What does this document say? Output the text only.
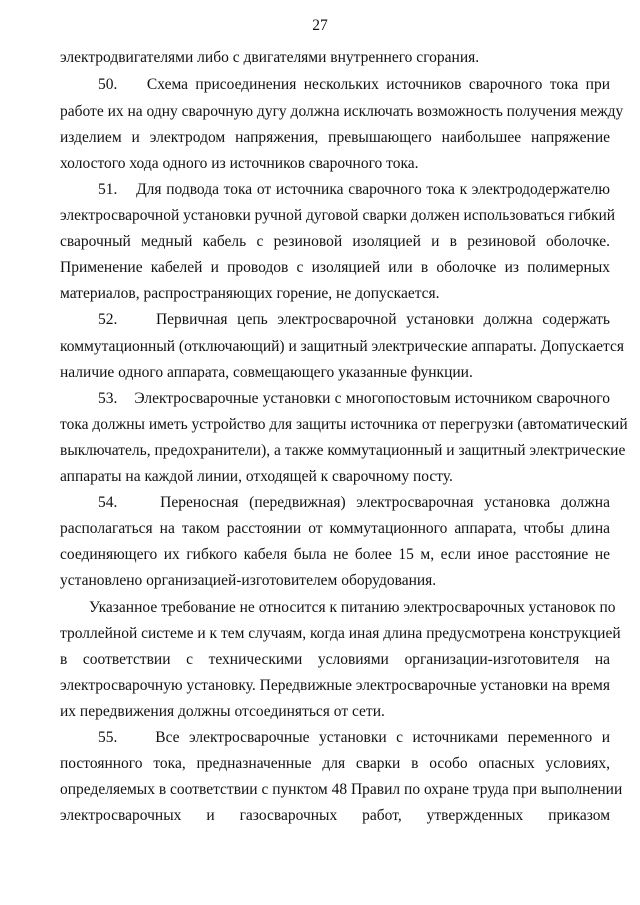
27
электродвигателями либо с двигателями внутреннего сгорания.
50.    Схема присоединения нескольких источников сварочного тока при
работе их на одну сварочную дугу должна исключать возможность получения между
изделием и электродом напряжения, превышающего наибольшее напряжение
холостого хода одного из источников сварочного тока.
51.    Для подвода тока от источника сварочного тока к электрододержателю
электросварочной установки ручной дуговой сварки должен использоваться гибкий
сварочный медный кабель с резиновой изоляцией и в резиновой оболочке.
Применение кабелей и проводов с изоляцией или в оболочке из полимерных
материалов, распространяющих горение, не допускается.
52.    Первичная цепь электросварочной установки должна содержать
коммутационный (отключающий) и защитный электрические аппараты. Допускается
наличие одного аппарата, совмещающего указанные функции.
53.    Электросварочные установки с многопостовым источником сварочного
тока должны иметь устройство для защиты источника от перегрузки (автоматический
выключатель, предохранители), а также коммутационный и защитный электрические
аппараты на каждой линии, отходящей к сварочному посту.
54.    Переносная (передвижная) электросварочная установка должна
располагаться на таком расстоянии от коммутационного аппарата, чтобы длина
соединяющего их гибкого кабеля была не более 15 м, если иное расстояние не
установлено организацией-изготовителем оборудования.
Указанное требование не относится к питанию электросварочных установок по
троллейной системе и к тем случаям, когда иная длина предусмотрена конструкцией
в соответствии с техническими условиями организации-изготовителя на
электросварочную установку. Передвижные электросварочные установки на время
их передвижения должны отсоединяться от сети.
55.    Все электросварочные установки с источниками переменного и
постоянного тока, предназначенные для сварки в особо опасных условиях,
определяемых в соответствии с пунктом 48 Правил по охране труда при выполнении
электросварочных и газосварочных работ, утвержденных приказом
